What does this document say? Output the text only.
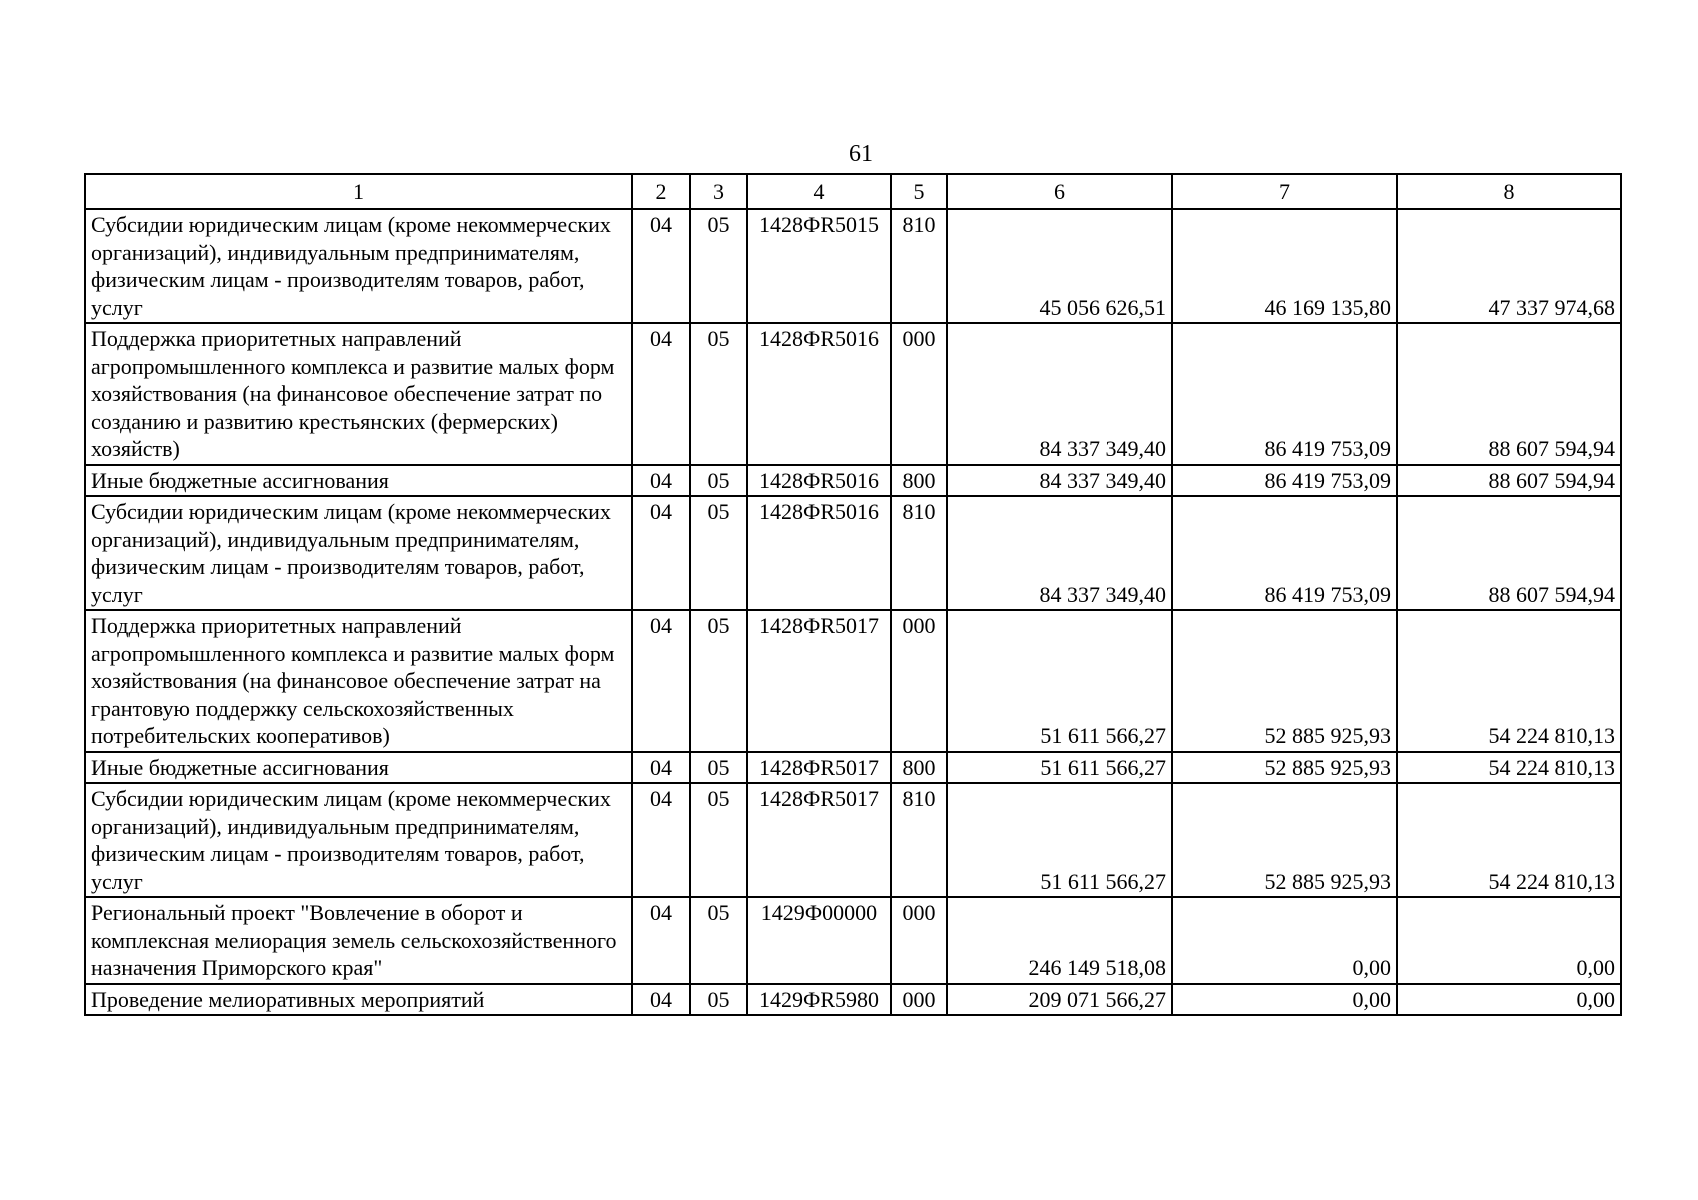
61
1	2	3	4	5	6	7	8
Субсидии юридическим лицам (кроме некоммерческих организаций), индивидуальным предпринимателям, физическим лицам - производителям товаров, работ, услуг	04	05	1428ФR5015	810	45 056 626,51	46 169 135,80	47 337 974,68
Поддержка приоритетных направлений агропромышленного комплекса и развитие малых форм хозяйствования (на финансовое обеспечение затрат по созданию и развитию крестьянских (фермерских) хозяйств)	04	05	1428ФR5016	000	84 337 349,40	86 419 753,09	88 607 594,94
Иные бюджетные ассигнования	04	05	1428ФR5016	800	84 337 349,40	86 419 753,09	88 607 594,94
Субсидии юридическим лицам (кроме некоммерческих организаций), индивидуальным предпринимателям, физическим лицам - производителям товаров, работ, услуг	04	05	1428ФR5016	810	84 337 349,40	86 419 753,09	88 607 594,94
Поддержка приоритетных направлений агропромышленного комплекса и развитие малых форм хозяйствования (на финансовое обеспечение затрат на грантовую поддержку сельскохозяйственных потребительских кооперативов)	04	05	1428ФR5017	000	51 611 566,27	52 885 925,93	54 224 810,13
Иные бюджетные ассигнования	04	05	1428ФR5017	800	51 611 566,27	52 885 925,93	54 224 810,13
Субсидии юридическим лицам (кроме некоммерческих организаций), индивидуальным предпринимателям, физическим лицам - производителям товаров, работ, услуг	04	05	1428ФR5017	810	51 611 566,27	52 885 925,93	54 224 810,13
Региональный проект "Вовлечение в оборот и комплексная мелиорация земель сельскохозяйственного назначения Приморского края"	04	05	1429Ф00000	000	246 149 518,08	0,00	0,00
Проведение мелиоративных мероприятий	04	05	1429ФR5980	000	209 071 566,27	0,00	0,00
